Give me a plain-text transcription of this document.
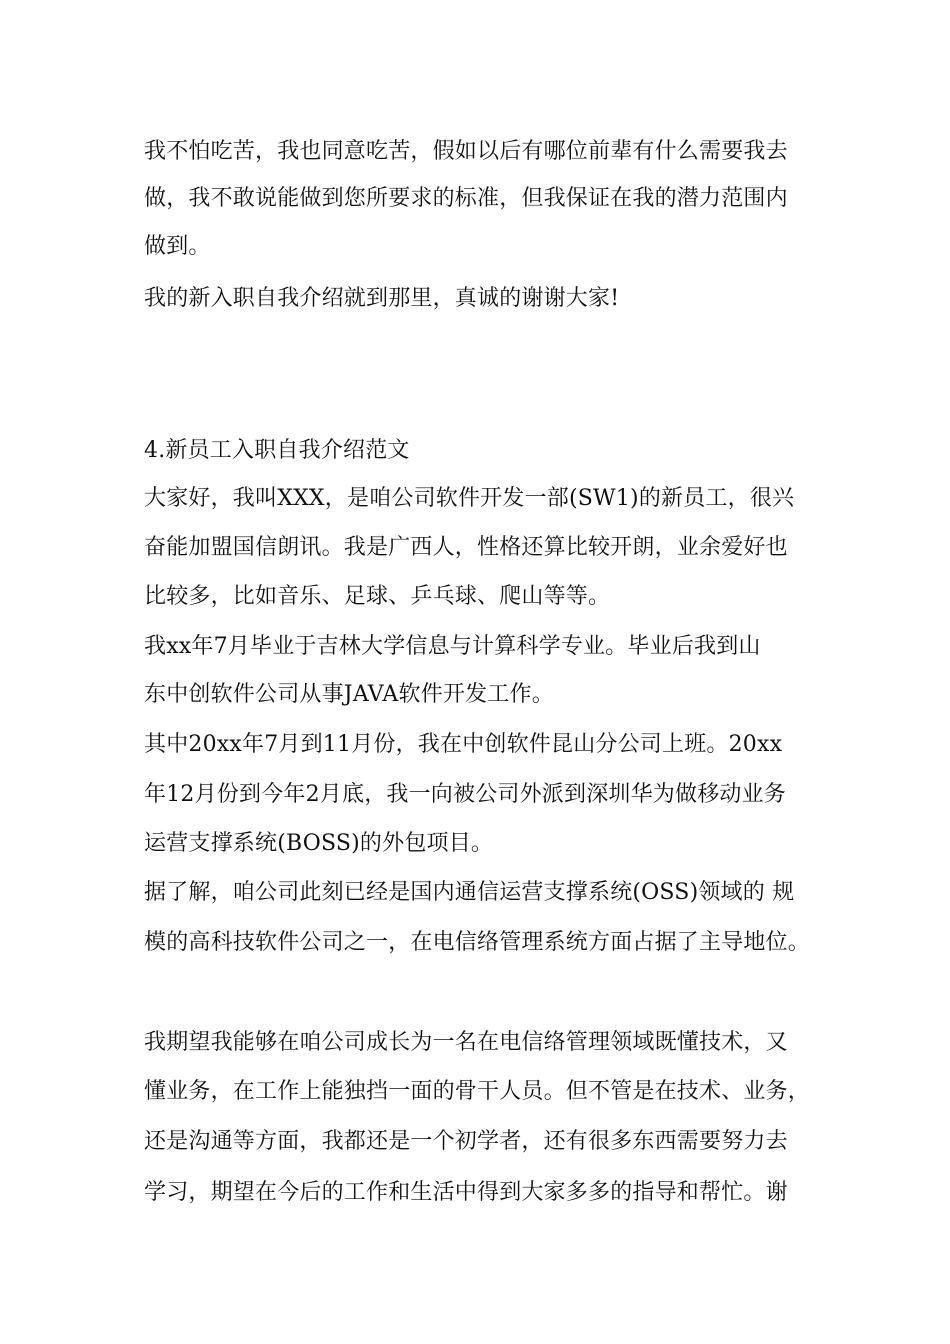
我不怕吃苦，我也同意吃苦，假如以后有哪位前辈有什么需要我去
做，我不敢说能做到您所要求的标准，但我保证在我的潜力范围内
做到。
我的新入职自我介绍就到那里，真诚的谢谢大家!
4.新员工入职自我介绍范文
大家好，我叫XXX，是咱公司软件开发一部(SW1)的新员工，很兴
奋能加盟国信朗讯。我是广西人，性格还算比较开朗，业余爱好也
比较多，比如音乐、足球、乒乓球、爬山等等。
我xx年7月毕业于吉林大学信息与计算科学专业。毕业后我到山
东中创软件公司从事JAVA软件开发工作。
其中20xx年7月到11月份，我在中创软件昆山分公司上班。20xx
年12月份到今年2月底，我一向被公司外派到深圳华为做移动业务
运营支撑系统(BOSS)的外包项目。
据了解，咱公司此刻已经是国内通信运营支撑系统(OSS)领域的 规
模的高科技软件公司之一，在电信络管理系统方面占据了主导地位。
我期望我能够在咱公司成长为一名在电信络管理领域既懂技术，又
懂业务，在工作上能独挡一面的骨干人员。但不管是在技术、业务，
还是沟通等方面，我都还是一个初学者，还有很多东西需要努力去
学习，期望在今后的工作和生活中得到大家多多的指导和帮忙。谢
